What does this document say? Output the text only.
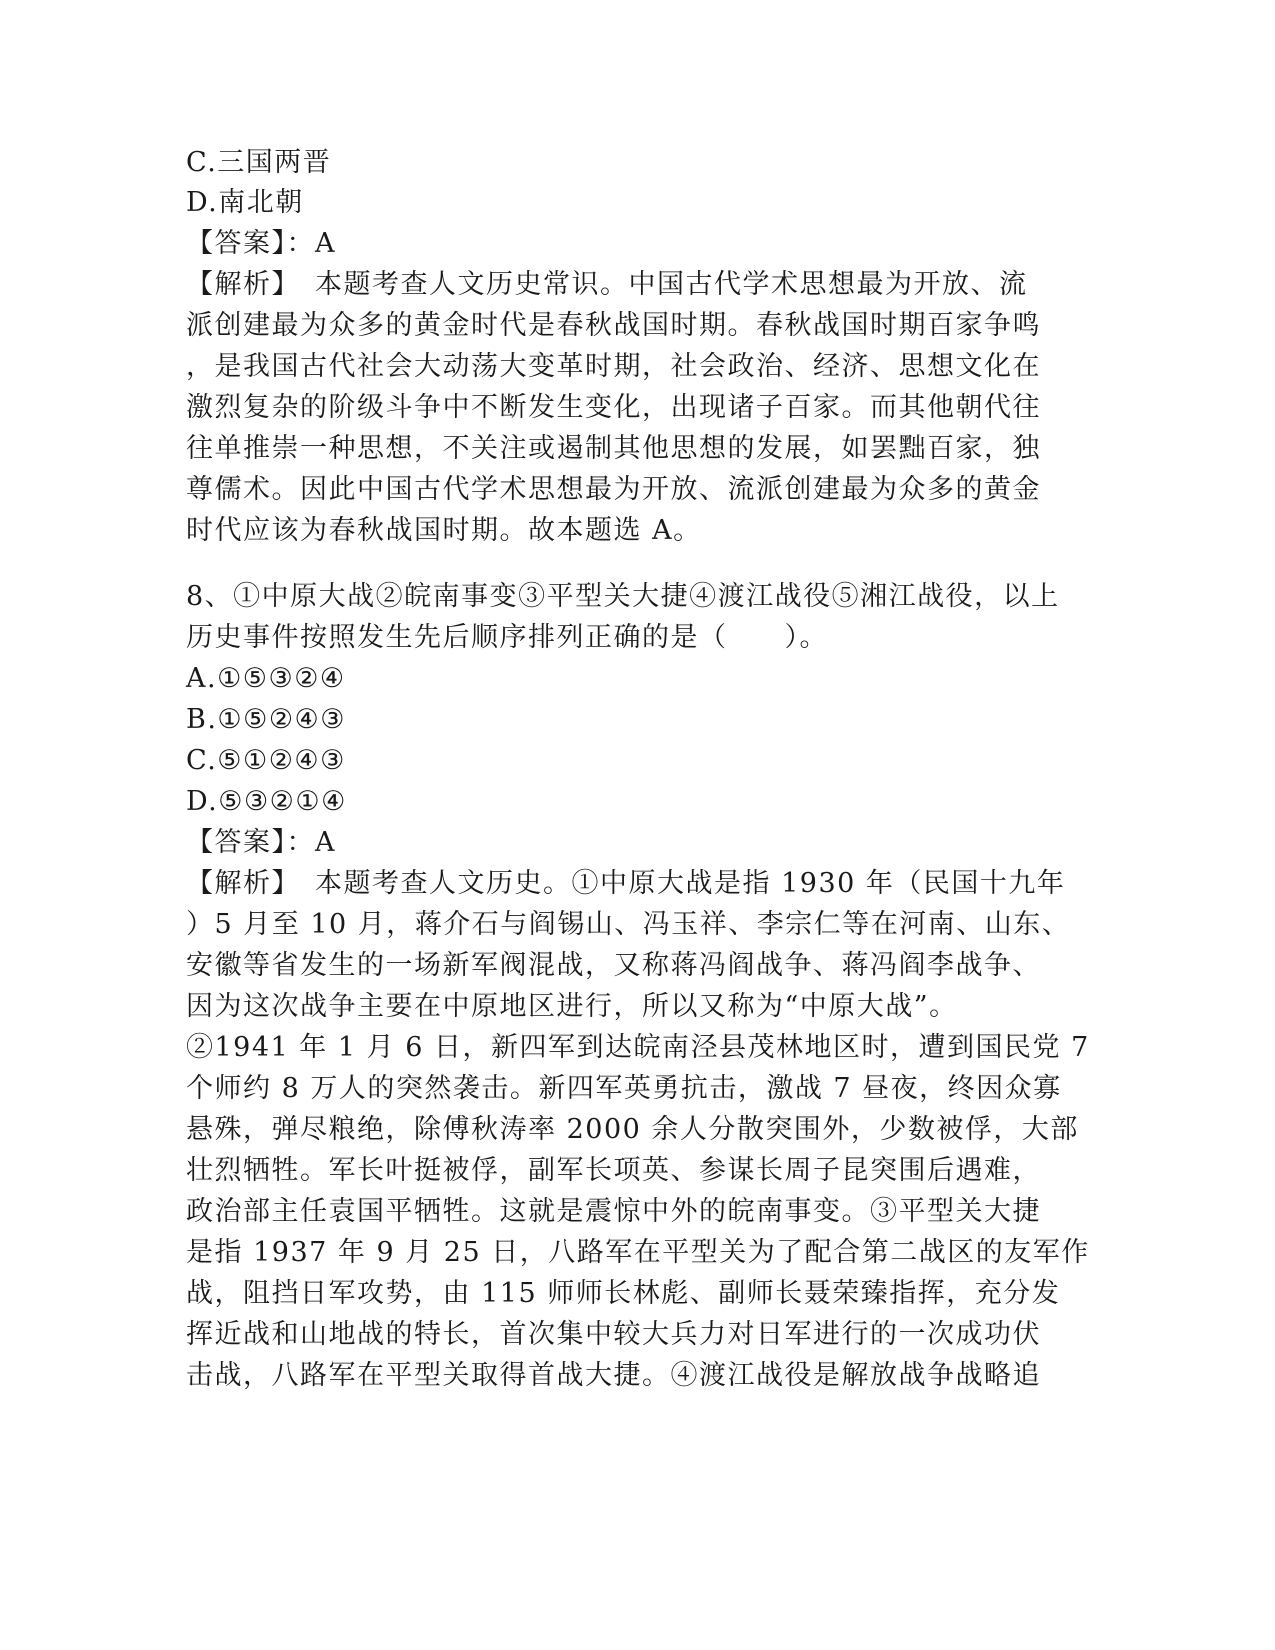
C.三国两晋
D.南北朝
【答案】：A
【解析】　本题考查人文历史常识。中国古代学术思想最为开放、流
派创建最为众多的黄金时代是春秋战国时期。春秋战国时期百家争鸣
，是我国古代社会大动荡大变革时期，社会政治、经济、思想文化在
激烈复杂的阶级斗争中不断发生变化，出现诸子百家。而其他朝代往
往单推崇一种思想，不关注或遏制其他思想的发展，如罢黜百家，独
尊儒术。因此中国古代学术思想最为开放、流派创建最为众多的黄金
时代应该为春秋战国时期。故本题选 A。
8、①中原大战②皖南事变③平型关大捷④渡江战役⑤湘江战役，以上
历史事件按照发生先后顺序排列正确的是（　　）。
A.①⑤③②④
B.①⑤②④③
C.⑤①②④③
D.⑤③②①④
【答案】：A
【解析】　本题考查人文历史。①中原大战是指 1930 年（民国十九年
）5 月至 10 月，蒋介石与阎锡山、冯玉祥、李宗仁等在河南、山东、
安徽等省发生的一场新军阀混战，又称蒋冯阎战争、蒋冯阎李战争、
因为这次战争主要在中原地区进行，所以又称为“中原大战”。
②1941 年 1 月 6 日，新四军到达皖南泾县茂林地区时，遭到国民党 7
个师约 8 万人的突然袭击。新四军英勇抗击，激战 7 昼夜，终因众寡
悬殊，弹尽粮绝，除傅秋涛率 2000 余人分散突围外，少数被俘，大部
壮烈牺牲。军长叶挺被俘，副军长项英、参谋长周子昆突围后遇难，
政治部主任袁国平牺牲。这就是震惊中外的皖南事变。③平型关大捷
是指 1937 年 9 月 25 日，八路军在平型关为了配合第二战区的友军作
战，阻挡日军攻势，由 115 师师长林彪、副师长聂荣臻指挥，充分发
挥近战和山地战的特长，首次集中较大兵力对日军进行的一次成功伏
击战，八路军在平型关取得首战大捷。④渡江战役是解放战争战略追
